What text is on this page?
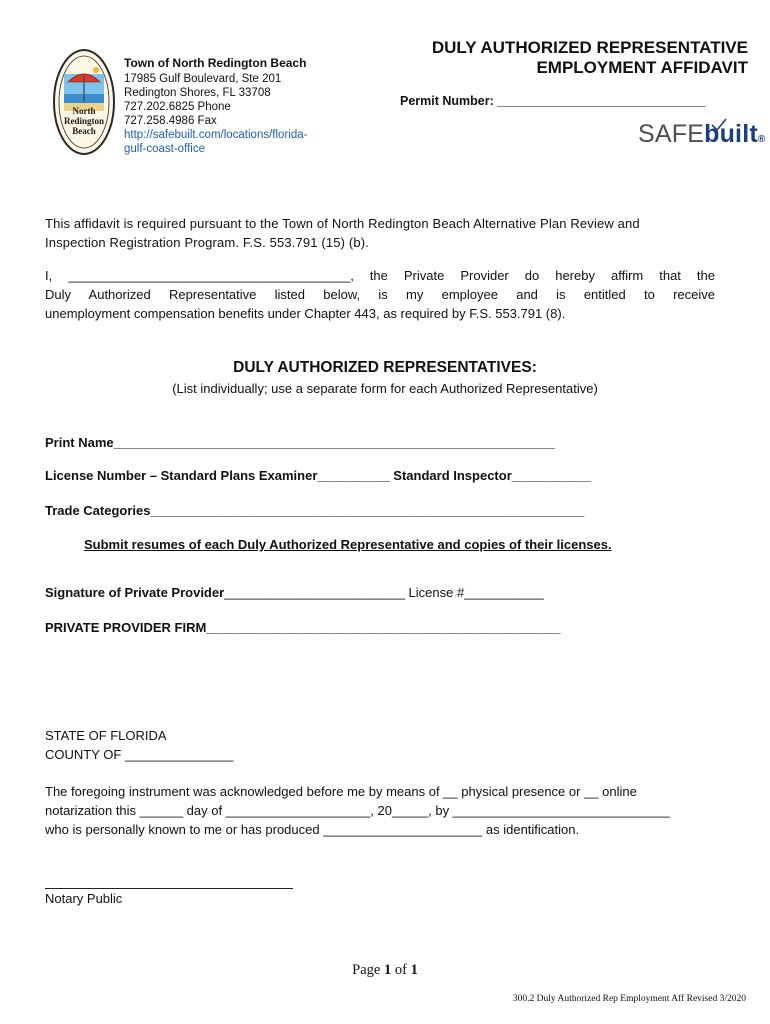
North Redington Beach
Town of North Redington Beach
17985 Gulf Boulevard, Ste 201
Redington Shores, FL 33708
727.202.6825 Phone
727.258.4986 Fax
http://safebuilt.com/locations/florida-
gulf-coast-office
DULY AUTHORIZED REPRESENTATIVE
EMPLOYMENT AFFIDAVIT
Permit Number: ______________________________
SAFEbuilt®
This affidavit is required pursuant to the Town of North Redington Beach Alternative Plan Review and
Inspection Registration Program. F.S. 553.791 (15) (b).
I, _______________________________________, the Private Provider do hereby affirm that the
Duly Authorized Representative listed below, is my employee and is entitled to receive
unemployment compensation benefits under Chapter 443, as required by F.S. 553.791 (8).
DULY AUTHORIZED REPRESENTATIVES:
(List individually; use a separate form for each Authorized Representative)
Print Name_____________________________________________________________
License Number – Standard Plans Examiner__________ Standard Inspector___________
Trade Categories____________________________________________________________
Submit resumes of each Duly Authorized Representative and copies of their licenses.
Signature of Private Provider_________________________ License #___________
PRIVATE PROVIDER FIRM_________________________________________________
STATE OF FLORIDA
COUNTY OF _______________
The foregoing instrument was acknowledged before me by means of __ physical presence or __ online
notarization this ______ day of ____________________, 20_____, by ______________________________
who is personally known to me or has produced ______________________ as identification.
Notary Public
Page 1 of 1
300.2 Duly Authorized Rep Employment Aff Revised 3/2020
